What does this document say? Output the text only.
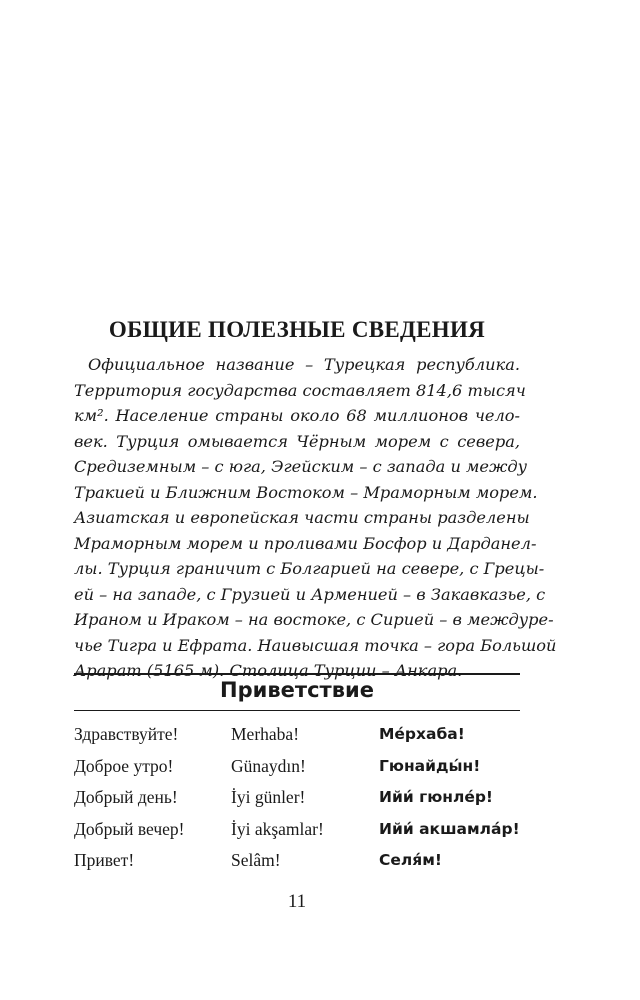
ОБЩИЕ ПОЛЕЗНЫЕ СВЕДЕНИЯ
Официальное название – Турецкая республика.
Территория государства составляет 814,6 тысяч
км². Население страны около 68 миллионов чело-
век. Турция омывается Чёрным морем с севера,
Средиземным – с юга, Эгейским – с запада и между
Тракией и Ближним Востоком – Мраморным морем.
Азиатская и европейская части страны разделены
Мраморным морем и проливами Босфор и Дарданел-
лы. Турция граничит с Болгарией на севере, с Грецы-
ей – на западе, с Грузией и Арменией – в Закавказье, с
Ираном и Ираком – на востоке, с Сирией – в междуре-
чье Тигра и Ефрата. Наивысшая точка – гора Большой
Арарат (5165 м). Столица Турции – Анкара.
Приветствие
Здравствуйте!	Merhaba!	Ме́рхаба!
Доброе утро!	Günaydın!	Гюнайды́н!
Добрый день!	İyi günler!	Ийи́ гюнле́р!
Добрый вечер!	İyi akşamlar!	Ийи́ акшамла́р!
Привет!	Selâm!	Селя́м!
11
